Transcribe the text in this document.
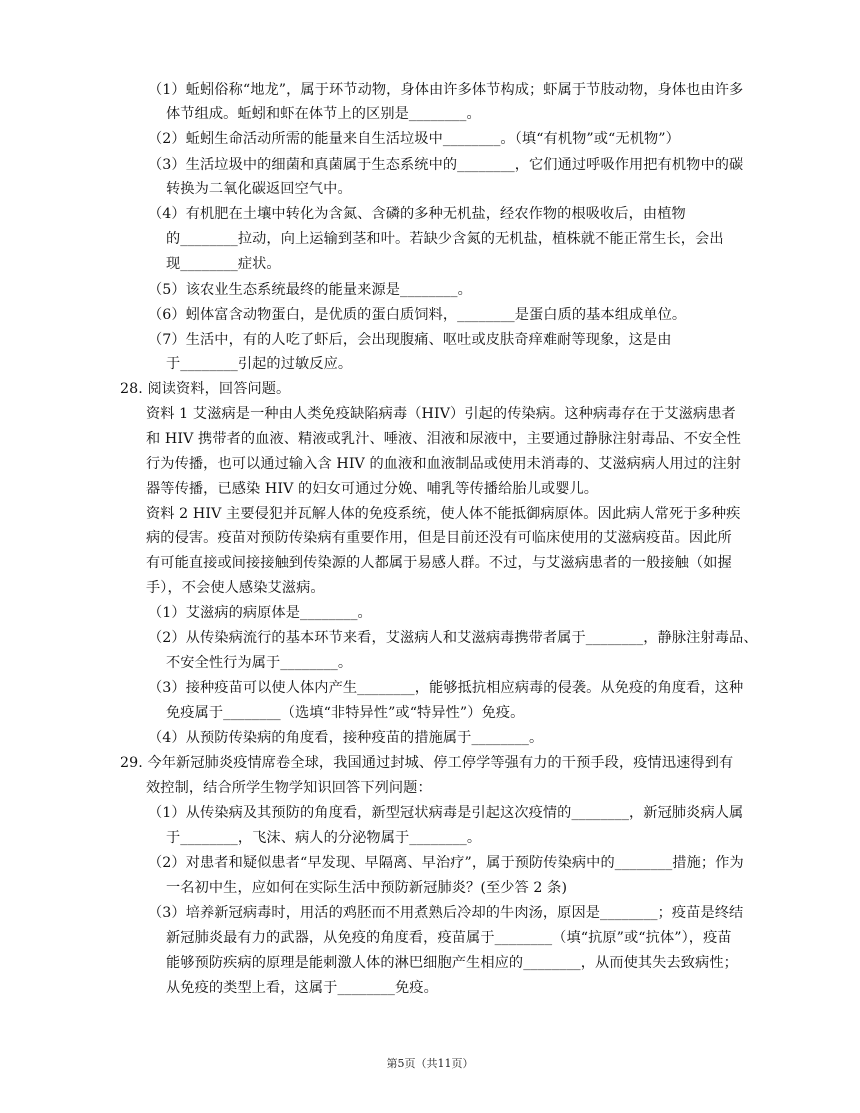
（1）蚯蚓俗称“地龙”，属于环节动物，身体由许多体节构成；虾属于节肢动物，身体也由许多
体节组成。蚯蚓和虾在体节上的区别是________。
（2）蚯蚓生命活动所需的能量来自生活垃圾中________。（填“有机物”或“无机物”）
（3）生活垃圾中的细菌和真菌属于生态系统中的________，它们通过呼吸作用把有机物中的碳
转换为二氧化碳返回空气中。
（4）有机肥在土壤中转化为含氮、含磷的多种无机盐，经农作物的根吸收后，由植物
的________拉动，向上运输到茎和叶。若缺少含氮的无机盐，植株就不能正常生长，会出
现________症状。
（5）该农业生态系统最终的能量来源是________。
（6）蚓体富含动物蛋白，是优质的蛋白质饲料，________是蛋白质的基本组成单位。
（7）生活中，有的人吃了虾后，会出现腹痛、呕吐或皮肤奇痒难耐等现象，这是由
于________引起的过敏反应。
28. 阅读资料，回答问题。
资料 1 艾滋病是一种由人类免疫缺陷病毒（HIV）引起的传染病。这种病毒存在于艾滋病患者
和 HIV 携带者的血液、精液或乳汁、唾液、泪液和尿液中，主要通过静脉注射毒品、不安全性
行为传播，也可以通过输入含 HIV 的血液和血液制品或使用未消毒的、艾滋病病人用过的注射
器等传播，已感染 HIV 的妇女可通过分娩、哺乳等传播给胎儿或婴儿。
资料 2 HIV 主要侵犯并瓦解人体的免疫系统，使人体不能抵御病原体。因此病人常死于多种疾
病的侵害。疫苗对预防传染病有重要作用，但是目前还没有可临床使用的艾滋病疫苗。因此所
有可能直接或间接接触到传染源的人都属于易感人群。不过，与艾滋病患者的一般接触（如握
手），不会使人感染艾滋病。
（1）艾滋病的病原体是________。
（2）从传染病流行的基本环节来看，艾滋病人和艾滋病毒携带者属于________，静脉注射毒品、
不安全性行为属于________。
（3）接种疫苗可以使人体内产生________，能够抵抗相应病毒的侵袭。从免疫的角度看，这种
免疫属于________（选填“非特异性”或“特异性”）免疫。
（4）从预防传染病的角度看，接种疫苗的措施属于________。
29. 今年新冠肺炎疫情席卷全球，我国通过封城、停工停学等强有力的干预手段，疫情迅速得到有
效控制，结合所学生物学知识回答下列问题：
（1）从传染病及其预防的角度看，新型冠状病毒是引起这次疫情的________，新冠肺炎病人属
于________，飞沫、病人的分泌物属于________。
（2）对患者和疑似患者“早发现、早隔离、早治疗”，属于预防传染病中的________措施；作为
一名初中生，应如何在实际生活中预防新冠肺炎？(至少答 2 条)
（3）培养新冠病毒时，用活的鸡胚而不用煮熟后冷却的牛肉汤，原因是________；疫苗是终结
新冠肺炎最有力的武器，从免疫的角度看，疫苗属于________（填“抗原”或“抗体”），疫苗
能够预防疾病的原理是能刺激人体的淋巴细胞产生相应的________，从而使其失去致病性；
从免疫的类型上看，这属于________免疫。
第5页（共11页）
